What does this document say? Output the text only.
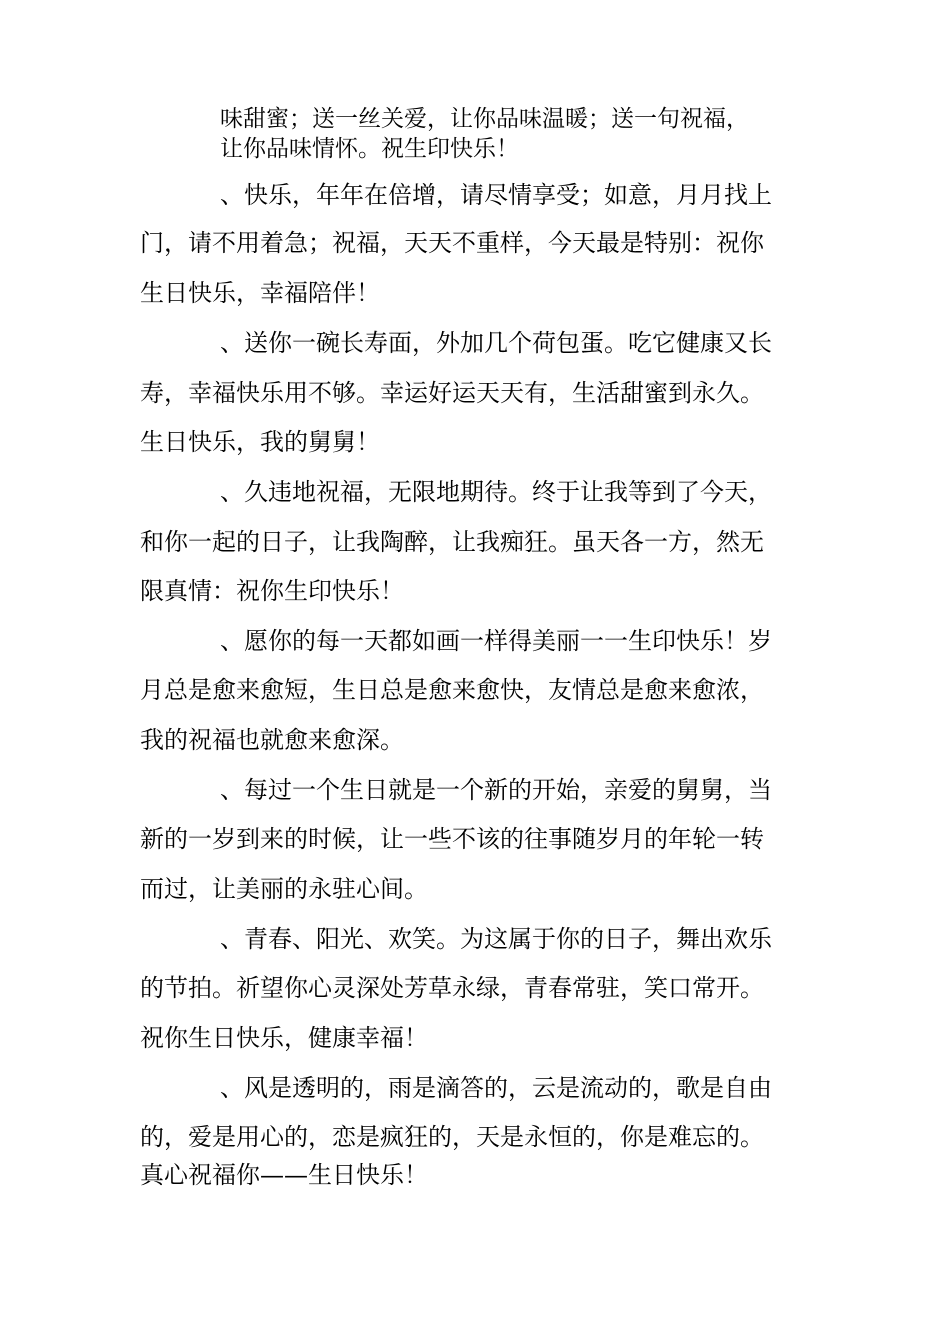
味甜蜜；送一丝关爱，让你品味温暖；送一句祝福，

让你品味情怀。祝生印快乐！

、快乐，年年在倍增，请尽情享受；如意，月月找上

门，请不用着急；祝福，天天不重样，今天最是特别：祝你

生日快乐，幸福陪伴！

、送你一碗长寿面，外加几个荷包蛋。吃它健康又长

寿，幸福快乐用不够。幸运好运天天有，生活甜蜜到永久。

生日快乐，我的舅舅！

、久违地祝福，无限地期待。终于让我等到了今天，

和你一起的日子，让我陶醉，让我痴狂。虽天各一方，然无

限真情：祝你生印快乐！

、愿你的每一天都如画一样得美丽一一生印快乐！岁

月总是愈来愈短，生日总是愈来愈快，友情总是愈来愈浓，

我的祝福也就愈来愈深。

、每过一个生日就是一个新的开始，亲爱的舅舅，当

新的一岁到来的时候，让一些不该的往事随岁月的年轮一转

而过，让美丽的永驻心间。

、青春、阳光、欢笑。为这属于你的日子，舞出欢乐

的节拍。祈望你心灵深处芳草永绿，青春常驻，笑口常开。

祝你生日快乐，健康幸福！

、风是透明的，雨是滴答的，云是流动的，歌是自由

的，爱是用心的，恋是疯狂的，天是永恒的，你是难忘的。

真心祝福你——生日快乐！
